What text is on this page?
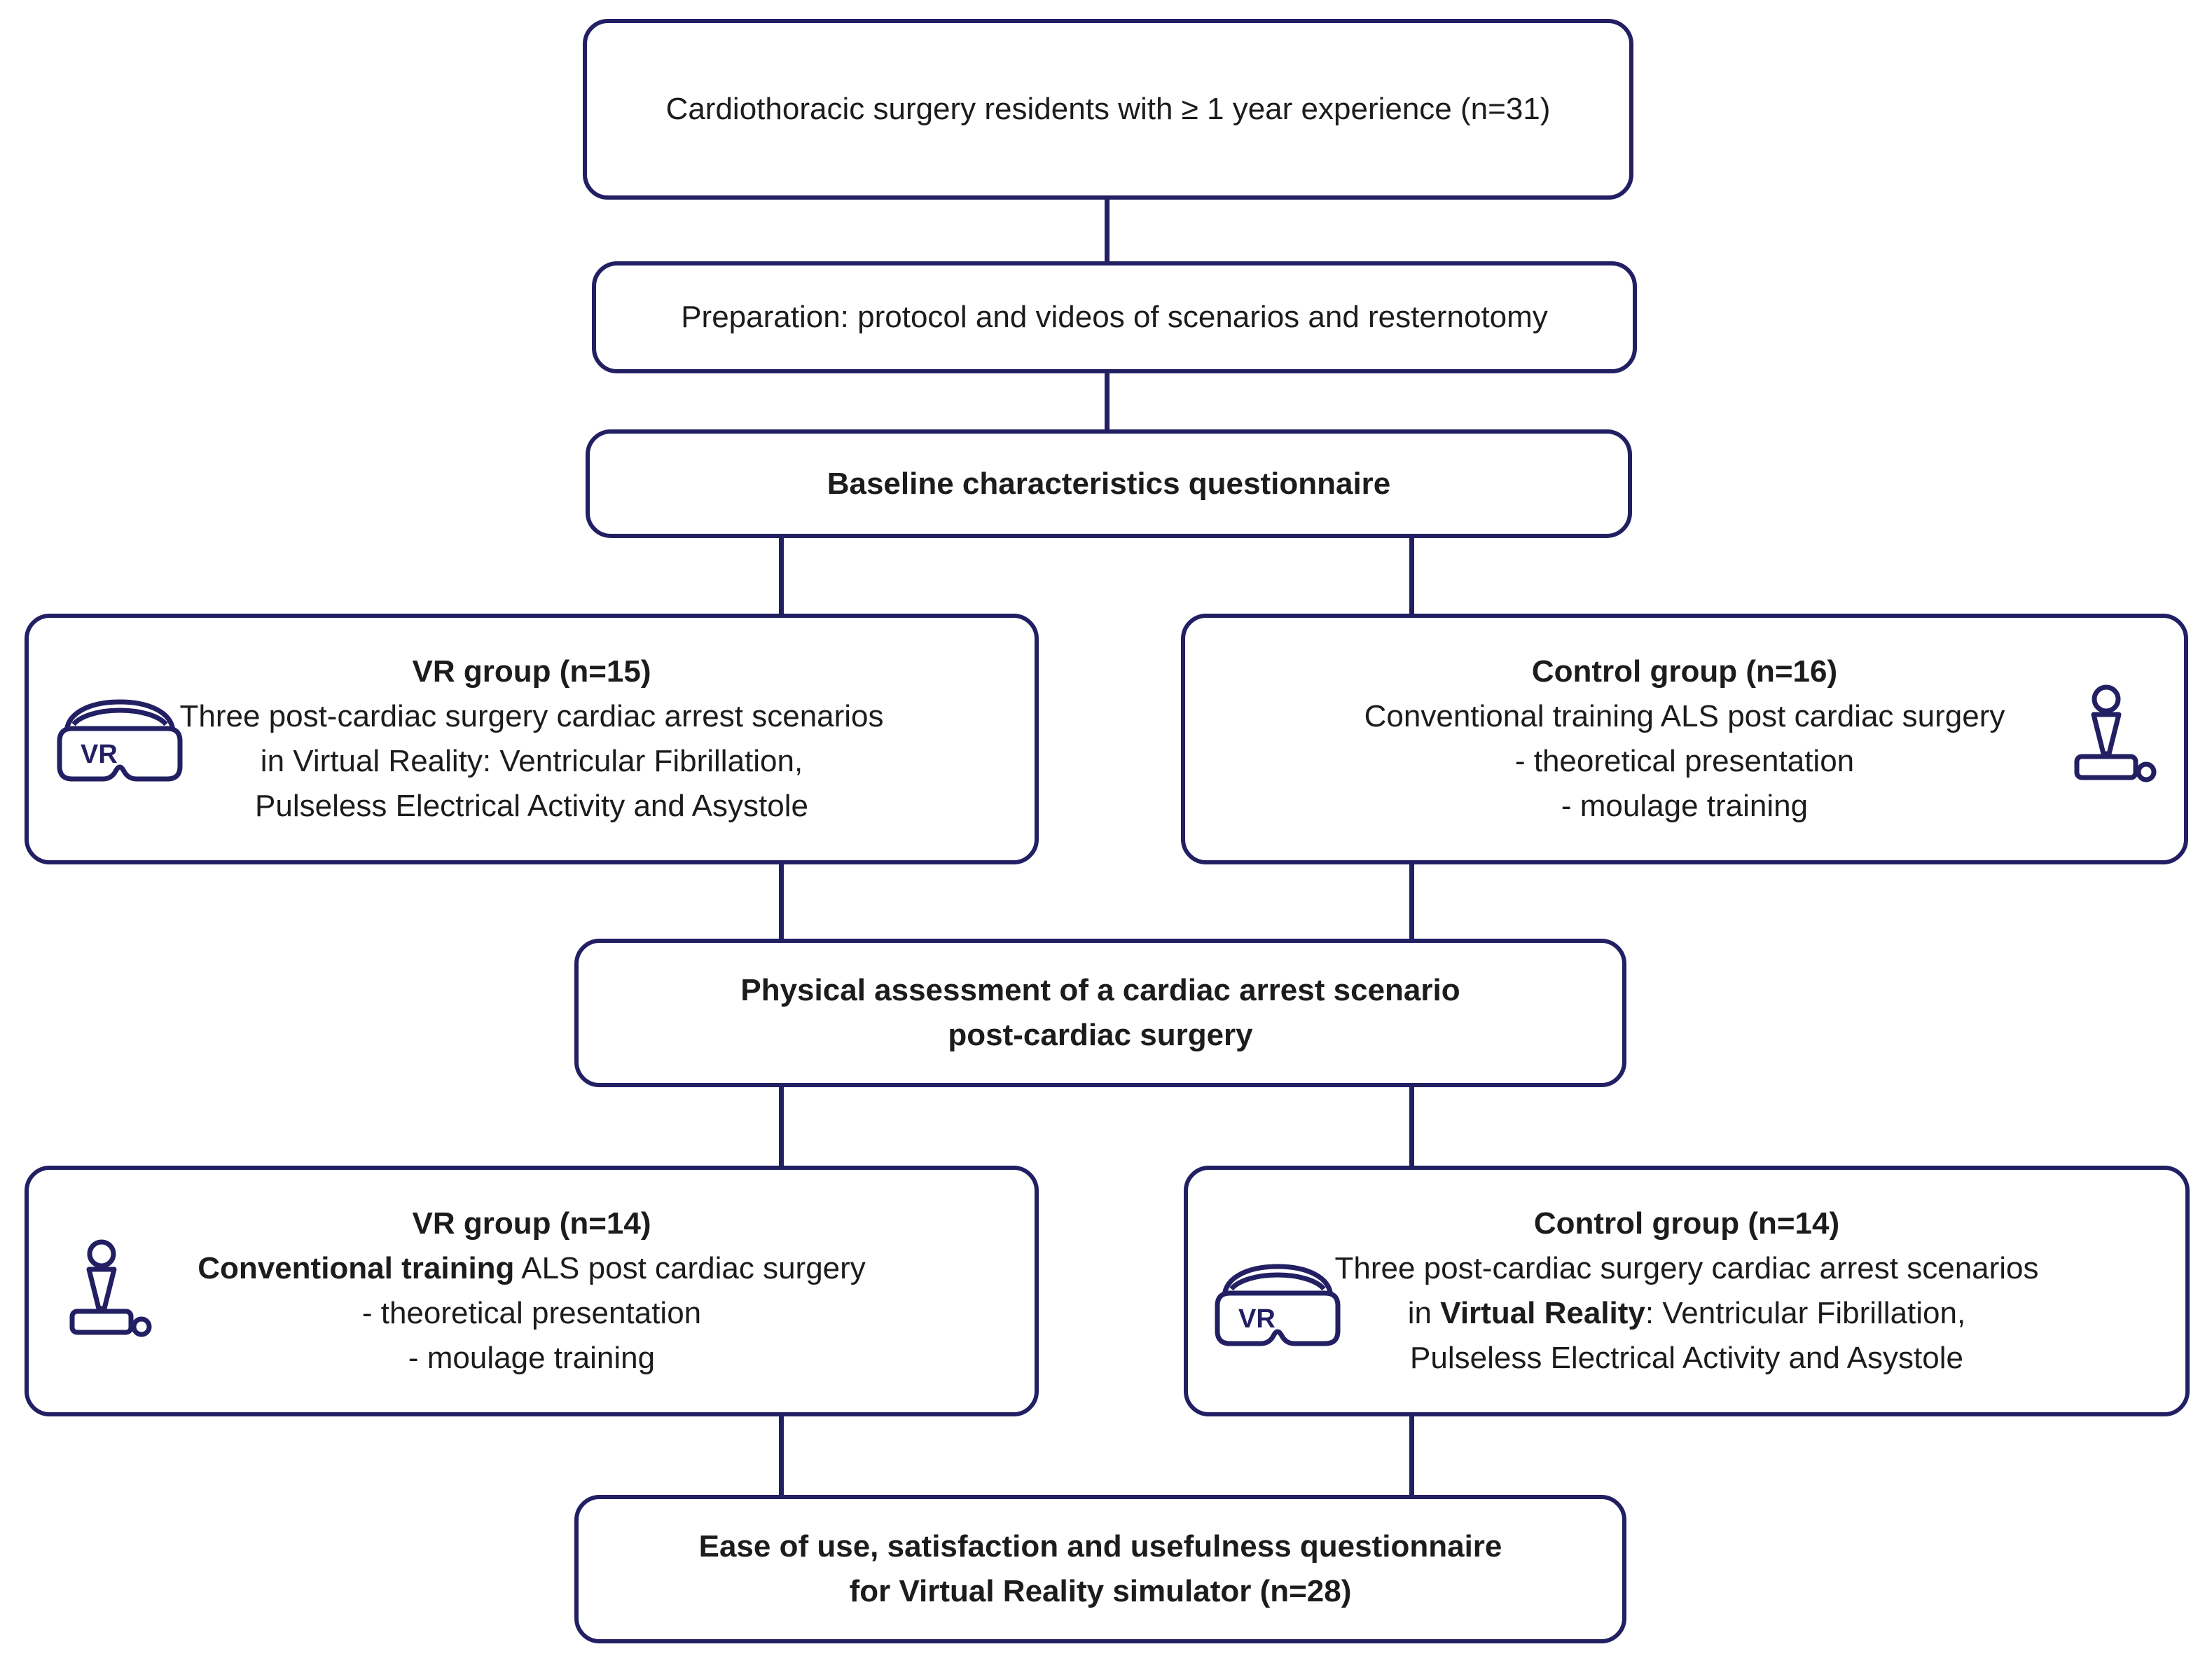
Cardiothoracic surgery residents with ≥ 1 year experience (n=31)
Preparation: protocol and videos of scenarios and resternotomy
Baseline characteristics questionnaire
VR
VR group (n=15)
Three post-cardiac surgery cardiac arrest scenarios
in Virtual Reality: Ventricular Fibrillation,
Pulseless Electrical Activity and Asystole
Control group (n=16)
Conventional training ALS post cardiac surgery
- theoretical presentation
- moulage training
Physical assessment of a cardiac arrest scenario
post-cardiac surgery
VR group (n=14)
Conventional training ALS post cardiac surgery
- theoretical presentation
- moulage training
VR
Control group (n=14)
Three post-cardiac surgery cardiac arrest scenarios
in Virtual Reality: Ventricular Fibrillation,
Pulseless Electrical Activity and Asystole
Ease of use, satisfaction and usefulness questionnaire
for Virtual Reality simulator (n=28)
